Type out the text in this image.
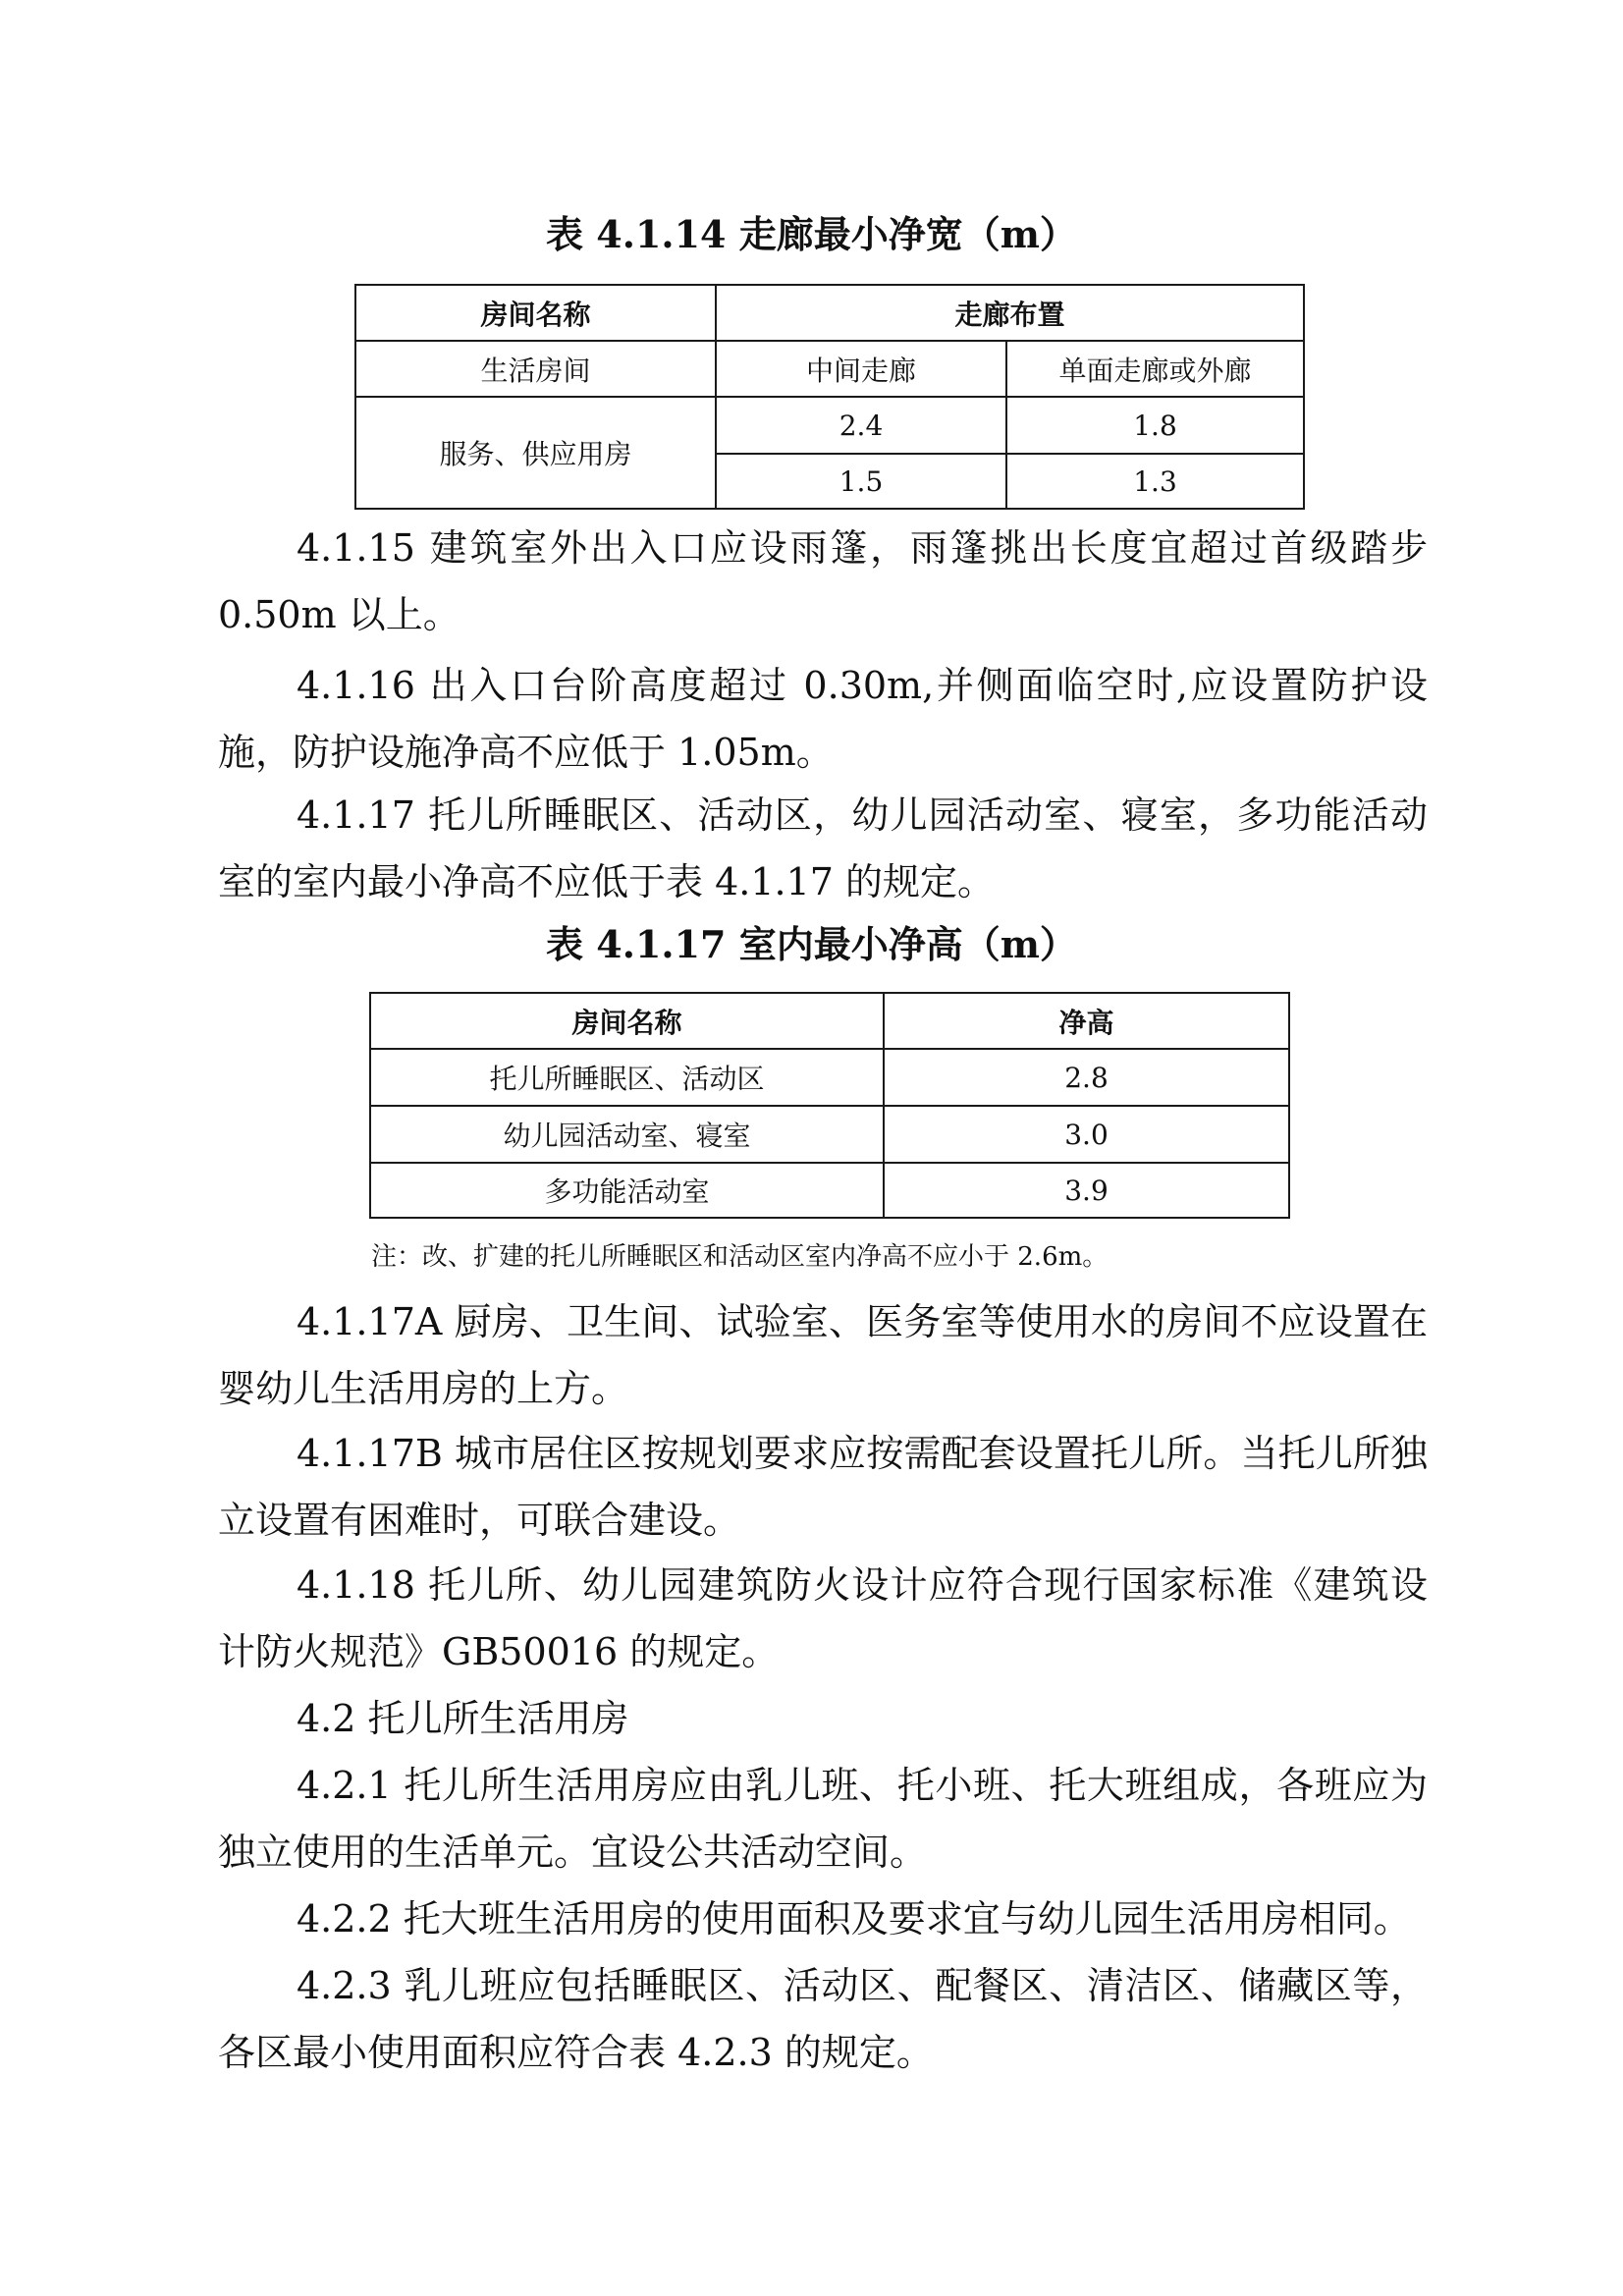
表 4.1.14 走廊最小净宽（m）
房间名称	走廊布置	
生活房间	中间走廊	单面走廊或外廊
服务、供应用房	2.4	1.8
	1.5	1.3
4.1.15 建筑室外出入口应设雨篷，雨篷挑出长度宜超过首级踏步 0.50m 以上。
4.1.16 出入口台阶高度超过 0.30m,并侧面临空时,应设置防护设施，防护设施净高不应低于 1.05m。
4.1.17 托儿所睡眠区、活动区，幼儿园活动室、寝室，多功能活动室的室内最小净高不应低于表 4.1.17 的规定。
表 4.1.17 室内最小净高（m）
房间名称	净高
托儿所睡眠区、活动区	2.8
幼儿园活动室、寝室	3.0
多功能活动室	3.9
注：改、扩建的托儿所睡眠区和活动区室内净高不应小于 2.6m。
4.1.17A 厨房、卫生间、试验室、医务室等使用水的房间不应设置在婴幼儿生活用房的上方。
4.1.17B 城市居住区按规划要求应按需配套设置托儿所。当托儿所独立设置有困难时，可联合建设。
4.1.18 托儿所、幼儿园建筑防火设计应符合现行国家标准《建筑设计防火规范》GB50016 的规定。
4.2 托儿所生活用房
4.2.1 托儿所生活用房应由乳儿班、托小班、托大班组成，各班应为独立使用的生活单元。宜设公共活动空间。
4.2.2 托大班生活用房的使用面积及要求宜与幼儿园生活用房相同。
4.2.3 乳儿班应包括睡眠区、活动区、配餐区、清洁区、储藏区等，各区最小使用面积应符合表 4.2.3 的规定。
